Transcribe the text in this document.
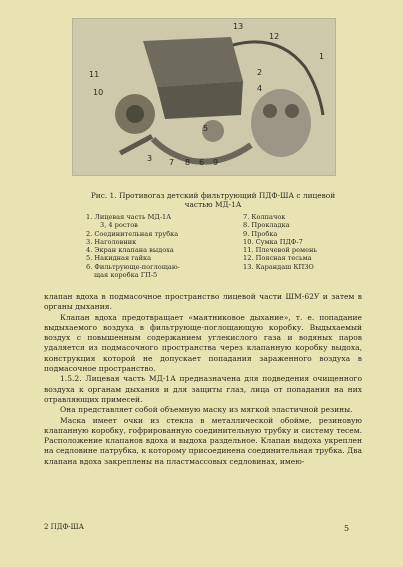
11
10
13
12
1
4
2
5
3 7 8 6 9

Рис. 1. Противогаз детский фильтрующий ПДФ-ША с лицевой частью МД-1А

1. Лицевая часть МД-1А
3, 4 ростов
2. Соединительная трубка
3. Наголовник
4. Экран клапана выдоха
5. Накидная гайка
6. Фильтрующе-поглощаю-
щая коробка ГП-5
7. Колпачок
8. Прокладка
9. Пробка
10. Сумка ПДФ-7
11. Плечевой ремень
12. Поясная тесьма
13. Карандаш КПЗО

клапан вдоха в подмасочное пространство лицевой части ШМ-62У и затем в органы дыхания.

Клапан вдоха предотвращает «маятниковое дыхание», т. е. попадание выдыхаемого воздуха в фильтрующе-поглощающую коробку. Выдыхаемый воздух с повышенным содержанием углекислого газа и водяных паров удаляется из подмасочного пространства через клапанную коробку выдоха, конструкция которой не допускает попадания зараженного воздуха в подмасочное пространство.

1.5.2. Лицевая часть МД-1А предназначена для подведения очищенного воздуха к органам дыхания и для защиты глаз, лица от попадания на них отравляющих примесей.

Она представляет собой объемную маску из мягкой эластичной резины.

Маска имеет очки из стекла в металлической обойме, резиновую клапанную коробку, гофрированную соединительную трубку и систему тесем. Расположение клапанов вдоха и выдоха раздельное. Клапан выдоха укреплен на седловине патрубка, к которому присоединена соединительная трубка. Два клапана вдоха закреплены на пластмассовых седловинах, имею-

2 ПДФ-ША	5
